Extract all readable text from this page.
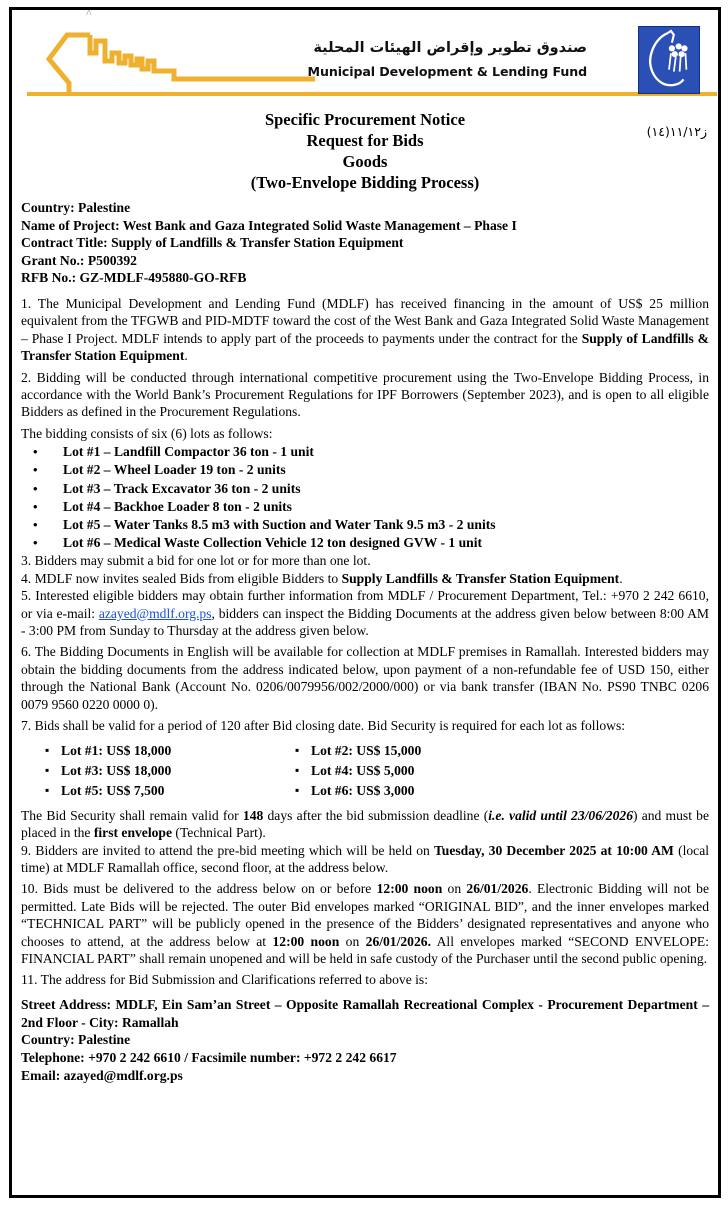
^
صندوق تطوير وإقراض الهيئات المحلية
Municipal Development & Lending Fund
Specific Procurement Notice
Request for Bids
Goods
(Two-Envelope Bidding Process)
ز١١/١٢(١٤)
Country: Palestine
Name of Project: West Bank and Gaza Integrated Solid Waste Management – Phase I
Contract Title: Supply of Landfills & Transfer Station Equipment
Grant No.: P500392
RFB No.: GZ-MDLF-495880-GO-RFB

1. The Municipal Development and Lending Fund (MDLF) has received financing in the amount of US$ 25 million equivalent from the TFGWB and PID-MDTF toward the cost of the West Bank and Gaza Integrated Solid Waste Management – Phase I Project. MDLF intends to apply part of the proceeds to payments under the contract for the Supply of Landfills & Transfer Station Equipment.

2. Bidding will be conducted through international competitive procurement using the Two-Envelope Bidding Process, in accordance with the World Bank’s Procurement Regulations for IPF Borrowers (September 2023), and is open to all eligible Bidders as defined in the Procurement Regulations.

The bidding consists of six (6) lots as follows:

• Lot #1 – Landfill Compactor 36 ton - 1 unit
• Lot #2 – Wheel Loader 19 ton - 2 units
• Lot #3 – Track Excavator 36 ton - 2 units
• Lot #4 – Backhoe Loader 8 ton - 2 units
• Lot #5 – Water Tanks 8.5 m3 with Suction and Water Tank 9.5 m3 - 2 units
• Lot #6 – Medical Waste Collection Vehicle 12 ton designed GVW - 1 unit

3. Bidders may submit a bid for one lot or for more than one lot.

4. MDLF now invites sealed Bids from eligible Bidders to Supply Landfills & Transfer Station Equipment.

5. Interested eligible bidders may obtain further information from MDLF / Procurement Department, Tel.: +970 2 242 6610, or via e-mail: azayed@mdlf.org.ps, bidders can inspect the Bidding Documents at the address given below between 8:00 AM - 3:00 PM from Sunday to Thursday at the address given below.

6. The Bidding Documents in English will be available for collection at MDLF premises in Ramallah. Interested bidders may obtain the bidding documents from the address indicated below, upon payment of a non-refundable fee of USD 150, either through the National Bank (Account No. 0206/0079956/002/2000/000) or via bank transfer (IBAN No. PS90 TNBC 0206 0079 9560 0220 0000 0).

7. Bids shall be valid for a period of 120 after Bid closing date. Bid Security is required for each lot as follows:

▪ Lot #1: US$ 18,000	▪ Lot #2: US$ 15,000
▪ Lot #3: US$ 18,000	▪ Lot #4: US$ 5,000
▪ Lot #5: US$ 7,500	▪ Lot #6: US$ 3,000

The Bid Security shall remain valid for 148 days after the bid submission deadline (i.e. valid until 23/06/2026) and must be placed in the first envelope (Technical Part).

9. Bidders are invited to attend the pre-bid meeting which will be held on Tuesday, 30 December 2025 at 10:00 AM (local time) at MDLF Ramallah office, second floor, at the address below.

10. Bids must be delivered to the address below on or before 12:00 noon on 26/01/2026. Electronic Bidding will not be permitted. Late Bids will be rejected. The outer Bid envelopes marked “ORIGINAL BID”, and the inner envelopes marked “TECHNICAL PART” will be publicly opened in the presence of the Bidders’ designated representatives and anyone who chooses to attend, at the address below at 12:00 noon on 26/01/2026. All envelopes marked “SECOND ENVELOPE: FINANCIAL PART” shall remain unopened and will be held in safe custody of the Purchaser until the second public opening.

11. The address for Bid Submission and Clarifications referred to above is:

Street Address: MDLF, Ein Sam’an Street – Opposite Ramallah Recreational Complex - Procurement Department – 2nd Floor - City: Ramallah
Country: Palestine
Telephone: +970 2 242 6610 / Facsimile number: +972 2 242 6617
Email: azayed@mdlf.org.ps
